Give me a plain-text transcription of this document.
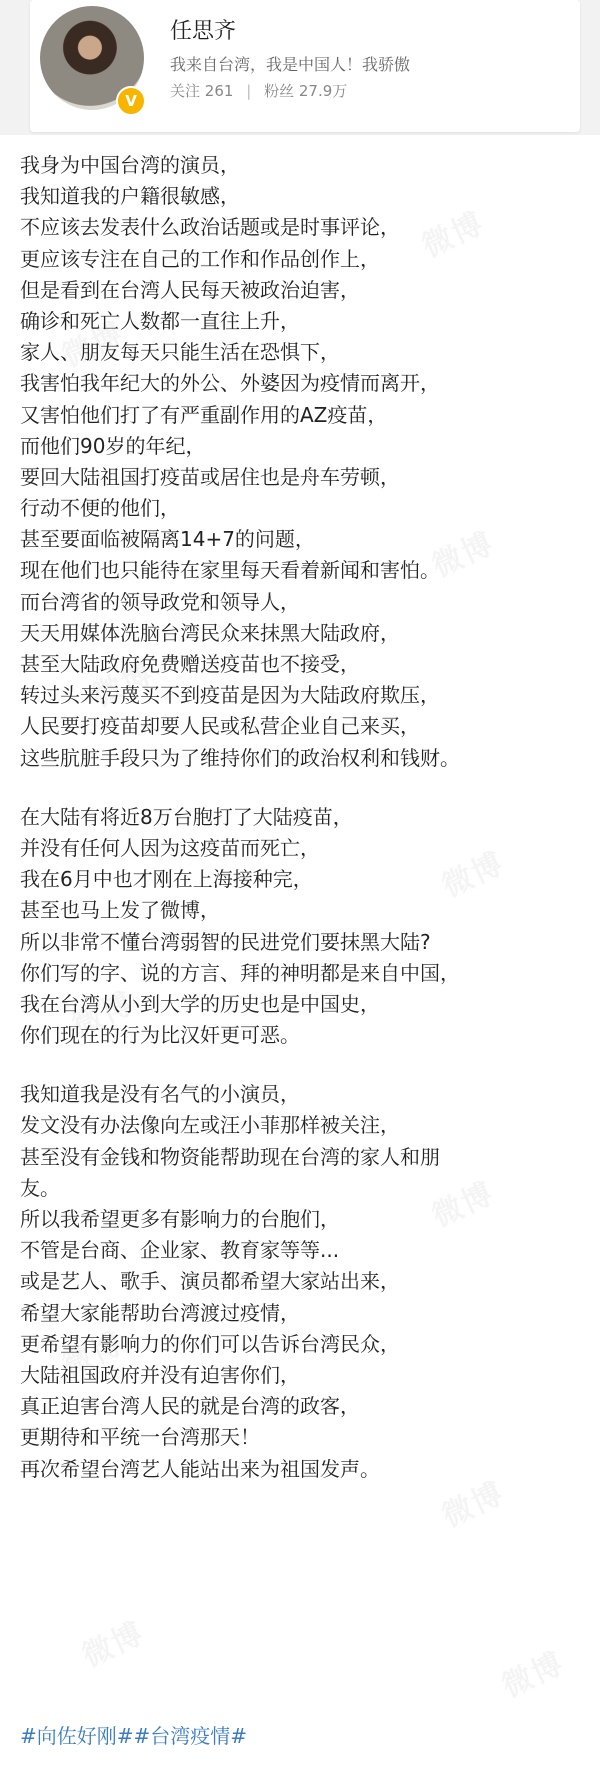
V
任思齐
我来自台湾，我是中国人！我骄傲
关注 261 | 粉丝 27.9万
我身为中国台湾的演员，
我知道我的户籍很敏感，
不应该去发表什么政治话题或是时事评论，
更应该专注在自己的工作和作品创作上，
但是看到在台湾人民每天被政治迫害，
确诊和死亡人数都一直往上升，
家人、朋友每天只能生活在恐惧下，
我害怕我年纪大的外公、外婆因为疫情而离开，
又害怕他们打了有严重副作用的AZ疫苗，
而他们90岁的年纪，
要回大陆祖国打疫苗或居住也是舟车劳顿，
行动不便的他们，
甚至要面临被隔离14+7的问题，
现在他们也只能待在家里每天看着新闻和害怕。
而台湾省的领导政党和领导人，
天天用媒体洗脑台湾民众来抹黑大陆政府，
甚至大陆政府免费赠送疫苗也不接受，
转过头来污蔑买不到疫苗是因为大陆政府欺压，
人民要打疫苗却要人民或私营企业自己来买，
这些肮脏手段只为了维持你们的政治权利和钱财。
在大陆有将近8万台胞打了大陆疫苗，
并没有任何人因为这疫苗而死亡，
我在6月中也才刚在上海接种完，
甚至也马上发了微博，
所以非常不懂台湾弱智的民进党们要抹黑大陆?
你们写的字、说的方言、拜的神明都是来自中国，
我在台湾从小到大学的历史也是中国史，
你们现在的行为比汉奸更可恶。
我知道我是没有名气的小演员，
发文没有办法像向左或汪小菲那样被关注，
甚至没有金钱和物资能帮助现在台湾的家人和朋
友。
所以我希望更多有影响力的台胞们，
不管是台商、企业家、教育家等等...
或是艺人、歌手、演员都希望大家站出来，
希望大家能帮助台湾渡过疫情，
更希望有影响力的你们可以告诉台湾民众，
大陆祖国政府并没有迫害你们，
真正迫害台湾人民的就是台湾的政客，
更期待和平统一台湾那天！
再次希望台湾艺人能站出来为祖国发声。
#向佐好刚##台湾疫情#
